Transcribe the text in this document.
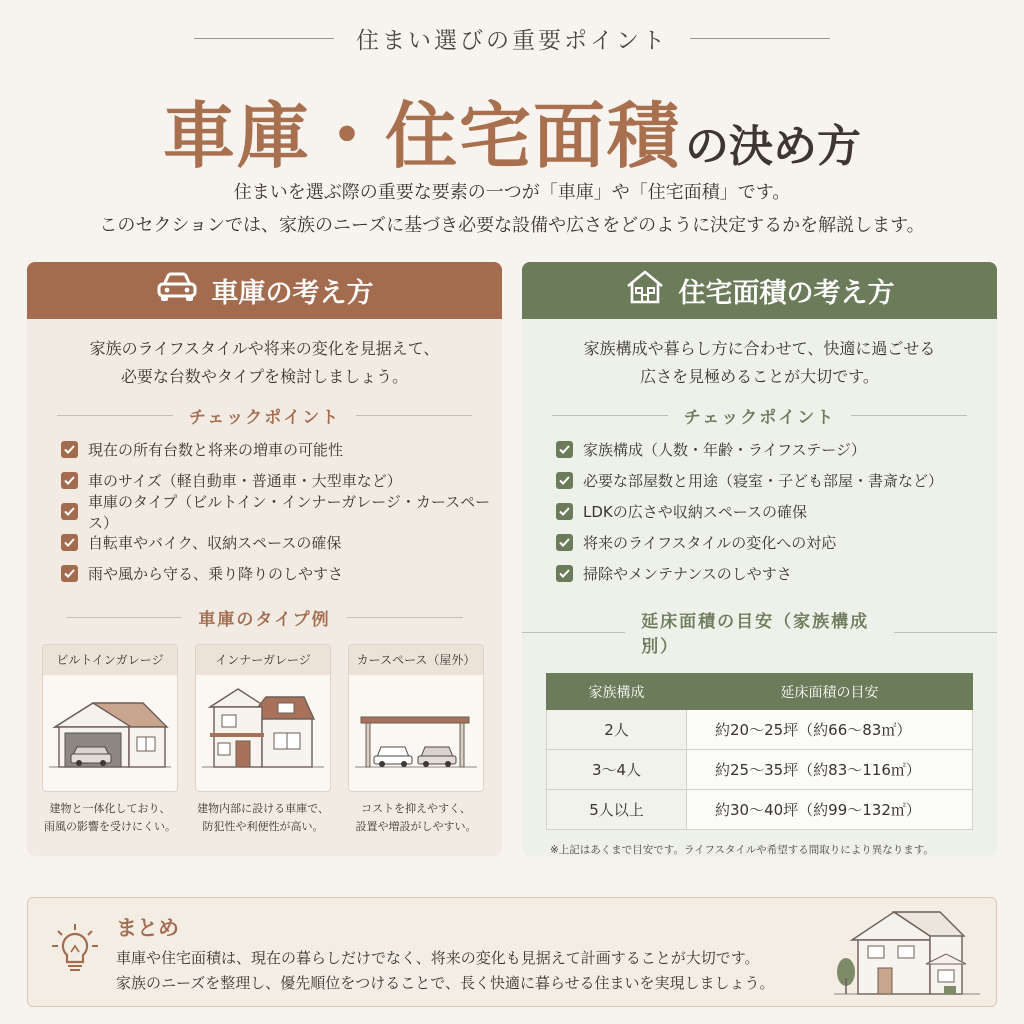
住まい選びの重要ポイント
車庫・住宅面積の決め方
住まいを選ぶ際の重要な要素の一つが「車庫」や「住宅面積」です。
このセクションでは、家族のニーズに基づき必要な設備や広さをどのように決定するかを解説します。
車庫の考え方
家族のライフスタイルや将来の変化を見据えて、
必要な台数やタイプを検討しましょう。
チェックポイント
現在の所有台数と将来の増車の可能性
車のサイズ（軽自動車・普通車・大型車など）
車庫のタイプ（ビルトイン・インナーガレージ・カースペース）
自転車やバイク、収納スペースの確保
雨や風から守る、乗り降りのしやすさ
車庫のタイプ例
ビルトインガレージ
建物と一体化しており、
雨風の影響を受けにくい。
インナーガレージ
建物内部に設ける車庫で、
防犯性や利便性が高い。
カースペース（屋外）
コストを抑えやすく、
設置や増設がしやすい。
住宅面積の考え方
家族構成や暮らし方に合わせて、快適に過ごせる
広さを見極めることが大切です。
チェックポイント
家族構成（人数・年齢・ライフステージ）
必要な部屋数と用途（寝室・子ども部屋・書斎など）
LDKの広さや収納スペースの確保
将来のライフスタイルの変化への対応
掃除やメンテナンスのしやすさ
延床面積の目安（家族構成別）
家族構成	延床面積の目安
2人	約20〜25坪（約66〜83㎡）
3〜4人	約25〜35坪（約83〜116㎡）
5人以上	約30〜40坪（約99〜132㎡）
※上記はあくまで目安です。ライフスタイルや希望する間取りにより異なります。
まとめ
車庫や住宅面積は、現在の暮らしだけでなく、将来の変化も見据えて計画することが大切です。
家族のニーズを整理し、優先順位をつけることで、長く快適に暮らせる住まいを実現しましょう。
